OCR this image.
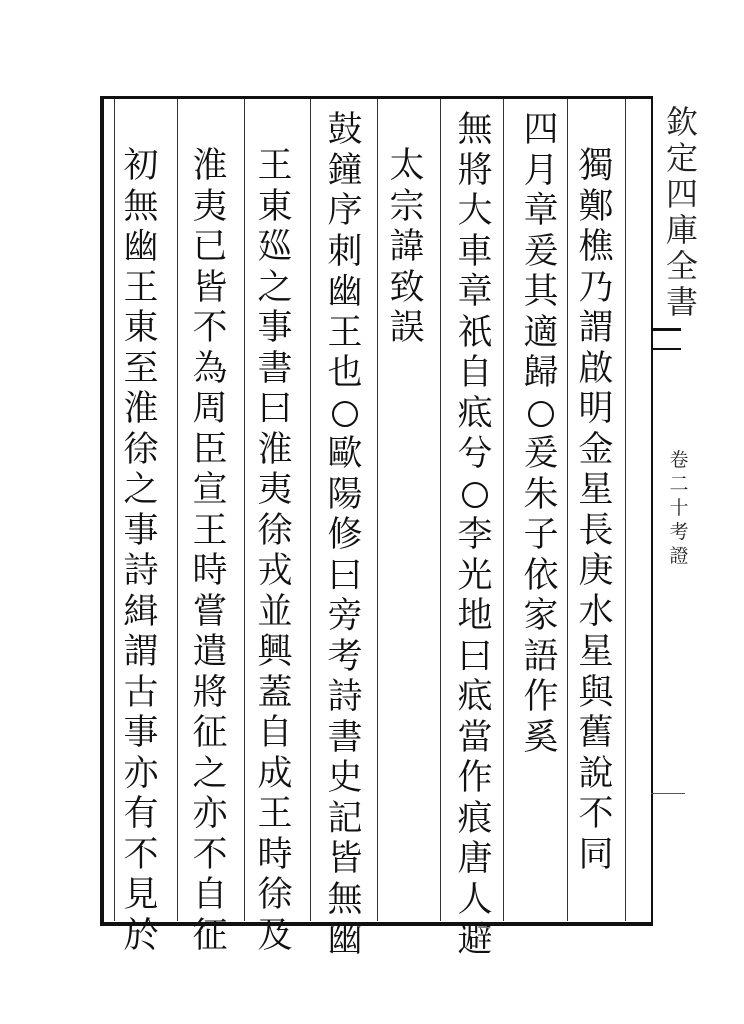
獨
鄭
樵
乃
謂
啟
明
金
星
長
庚
水
星
與
舊
說
不
同
四
月
章
爰
其
適
歸
爰
朱
子
依
家
語
作
奚
無
將
大
車
章
祇
自
疷
兮
李
光
地
曰
疷
當
作
痕
唐
人
避
太
宗
諱
致
誤
鼓
鐘
序
刺
幽
王
也
歐
陽
修
曰
旁
考
詩
書
史
記
皆
無
幽
王
東
廵
之
事
書
曰
淮
夷
徐
戎
並
興
蓋
自
成
王
時
徐
及
淮
夷
已
皆
不
為
周
臣
宣
王
時
嘗
遣
將
征
之
亦
不
自
征
初
無
幽
王
東
至
淮
徐
之
事
詩
緝
謂
古
事
亦
有
不
見
於
欽
定
四
庫
全
書
卷
二
十
考
證
